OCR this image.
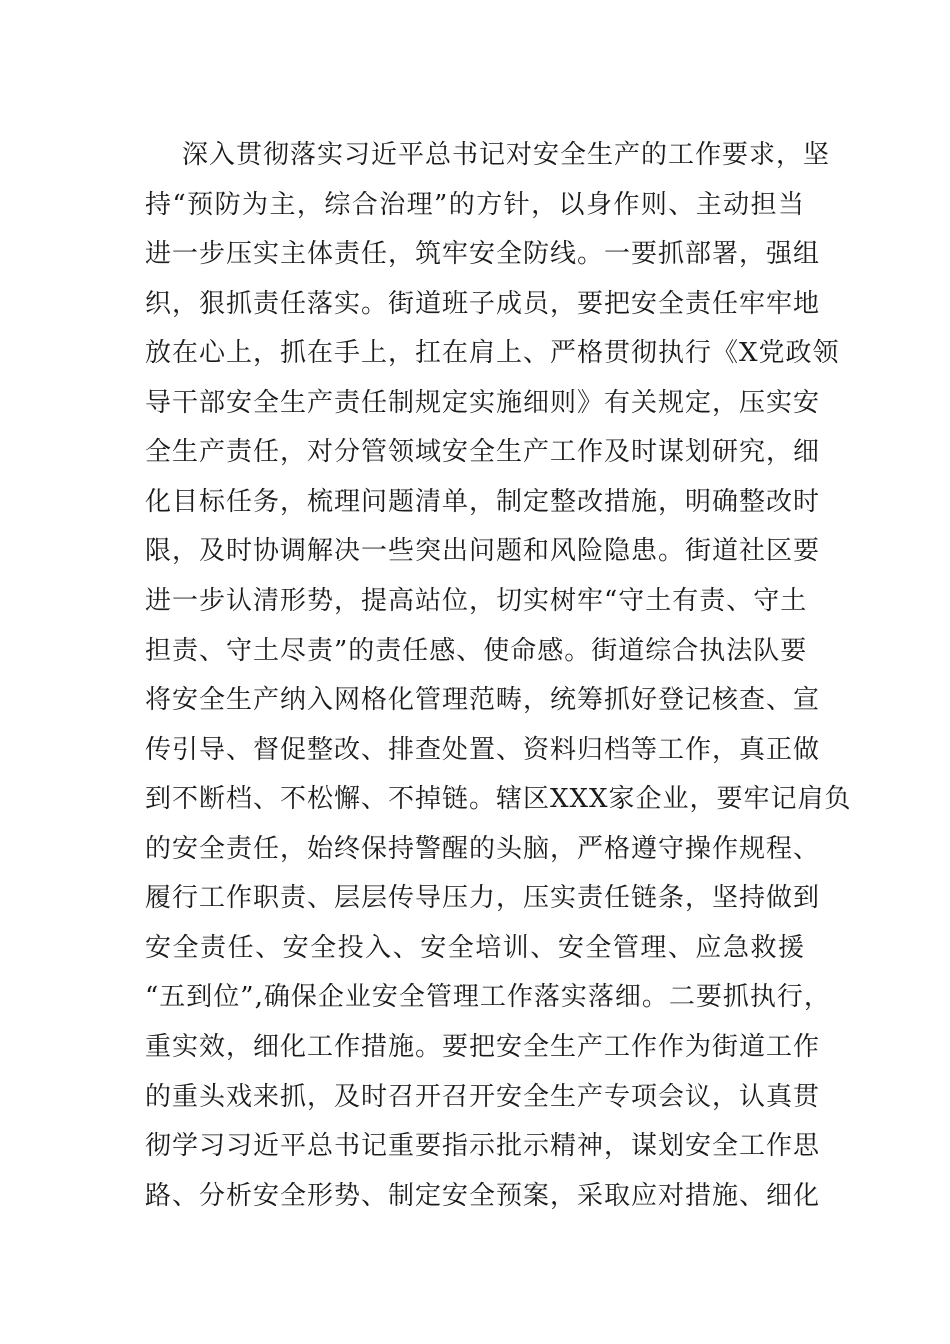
深入贯彻落实习近平总书记对安全生产的工作要求，坚
持“预防为主，综合治理”的方针，以身作则、主动担当
进一步压实主体责任，筑牢安全防线。一要抓部署，强组
织，狠抓责任落实。街道班子成员，要把安全责任牢牢地
放在心上，抓在手上，扛在肩上、严格贯彻执行《X党政领
导干部安全生产责任制规定实施细则》有关规定，压实安
全生产责任，对分管领域安全生产工作及时谋划研究，细
化目标任务，梳理问题清单，制定整改措施，明确整改时
限，及时协调解决一些突出问题和风险隐患。街道社区要
进一步认清形势，提高站位，切实树牢“守土有责、守土
担责、守土尽责”的责任感、使命感。街道综合执法队要
将安全生产纳入网格化管理范畴，统筹抓好登记核查、宣
传引导、督促整改、排查处置、资料归档等工作，真正做
到不断档、不松懈、不掉链。辖区XXX家企业，要牢记肩负
的安全责任，始终保持警醒的头脑，严格遵守操作规程、
履行工作职责、层层传导压力，压实责任链条，坚持做到
安全责任、安全投入、安全培训、安全管理、应急救援
“五到位”,确保企业安全管理工作落实落细。二要抓执行，
重实效，细化工作措施。要把安全生产工作作为街道工作
的重头戏来抓，及时召开召开安全生产专项会议，认真贯
彻学习习近平总书记重要指示批示精神，谋划安全工作思
路、分析安全形势、制定安全预案，采取应对措施、细化
